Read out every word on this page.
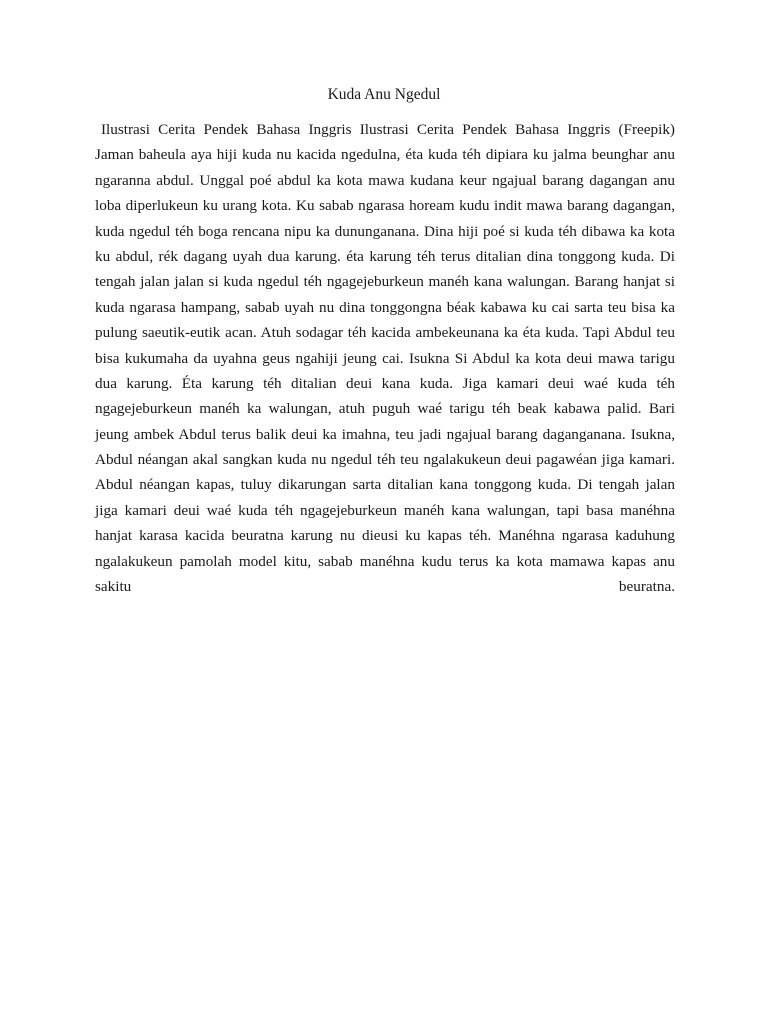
Kuda Anu Ngedul
Ilustrasi Cerita Pendek Bahasa Inggris Ilustrasi Cerita Pendek Bahasa Inggris (Freepik)
Jaman baheula aya hiji kuda nu kacida ngedulna, éta kuda téh dipiara ku jalma beunghar anu
ngaranna abdul. Unggal poé abdul ka kota mawa kudana keur ngajual barang dagangan anu
loba diperlukeun ku urang kota. Ku sabab ngarasa hoream kudu indit mawa barang dagangan,
kuda ngedul téh boga rencana nipu ka dununganana. Dina hiji poé si kuda téh dibawa ka kota
ku abdul, rék dagang uyah dua karung. éta karung téh terus ditalian dina tonggong kuda. Di
tengah jalan jalan si kuda ngedul téh ngagejeburkeun manéh kana walungan. Barang hanjat si
kuda ngarasa hampang, sabab uyah nu dina tonggongna béak kabawa ku cai sarta teu bisa ka
pulung saeutik-eutik acan. Atuh sodagar téh kacida ambekeunana ka éta kuda. Tapi Abdul teu
bisa kukumaha da uyahna geus ngahiji jeung cai. Isukna Si Abdul ka kota deui mawa tarigu
dua karung. Éta karung téh ditalian deui kana kuda. Jiga kamari deui waé kuda téh
ngagejeburkeun manéh ka walungan, atuh puguh waé tarigu téh beak kabawa palid. Bari
jeung ambek Abdul terus balik deui ka imahna, teu jadi ngajual barang daganganana. Isukna,
Abdul néangan akal sangkan kuda nu ngedul téh teu ngalakukeun deui pagawéan jiga kamari.
Abdul néangan kapas, tuluy dikarungan sarta ditalian kana tonggong kuda. Di tengah jalan
jiga kamari deui waé kuda téh ngagejeburkeun manéh kana walungan, tapi basa manéhna
hanjat karasa kacida beuratna karung nu dieusi ku kapas téh. Manéhna ngarasa kaduhung
ngalakukeun pamolah model kitu, sabab manéhna kudu terus ka kota mamawa kapas anu
sakitu beuratna.
